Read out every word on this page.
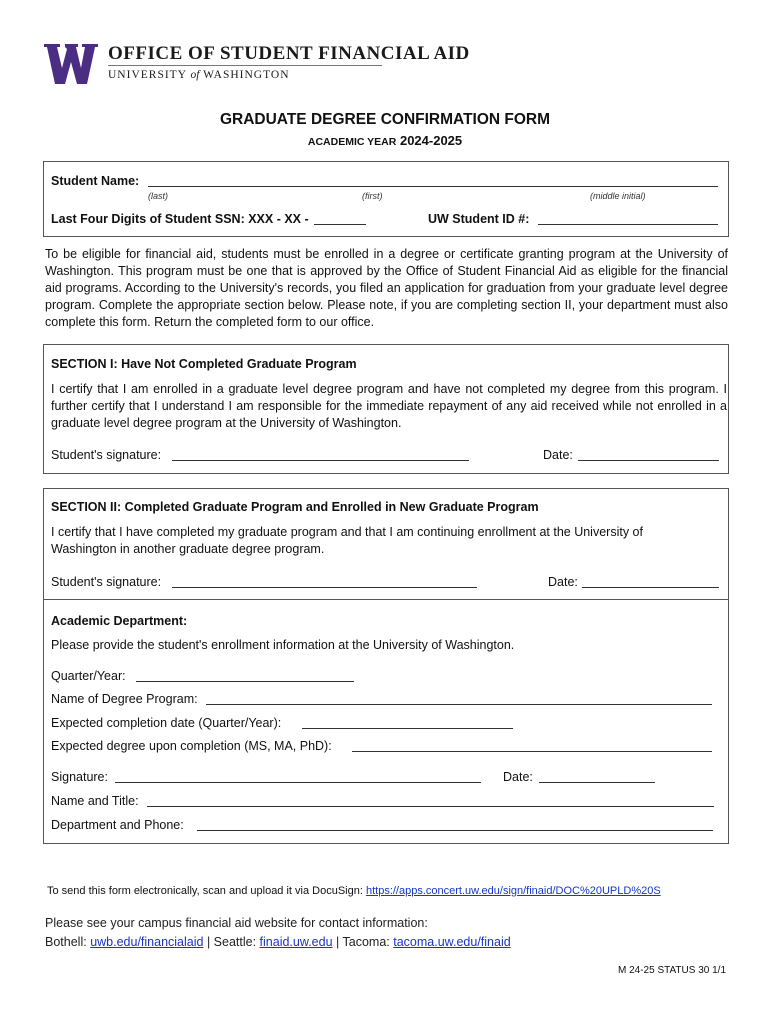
OFFICE OF STUDENT FINANCIAL AID
UNIVERSITY of WASHINGTON
GRADUATE DEGREE CONFIRMATION FORM
ACADEMIC YEAR 2024-2025
Student Name:
(last)	(first)	(middle initial)
Last Four Digits of Student SSN: XXX - XX -	UW Student ID #:
To be eligible for financial aid, students must be enrolled in a degree or certificate granting program at the University of Washington. This program must be one that is approved by the Office of Student Financial Aid as eligible for the financial aid programs. According to the University's records, you filed an application for graduation from your graduate level degree program. Complete the appropriate section below. Please note, if you are completing section II, your department must also complete this form. Return the completed form to our office.
SECTION I: Have Not Completed Graduate Program
I certify that I am enrolled in a graduate level degree program and have not completed my degree from this program. I further certify that I understand I am responsible for the immediate repayment of any aid received while not enrolled in a graduate level degree program at the University of Washington.
Student's signature:	Date:
SECTION II: Completed Graduate Program and Enrolled in New Graduate Program
I certify that I have completed my graduate program and that I am continuing enrollment at the University of Washington in another graduate degree program.
Student's signature:	Date:
Academic Department:
Please provide the student's enrollment information at the University of Washington.
Quarter/Year:
Name of Degree Program:
Expected completion date (Quarter/Year):
Expected degree upon completion (MS, MA, PhD):
Signature:	Date:
Name and Title:
Department and Phone:
To send this form electronically, scan and upload it via DocuSign: https://apps.concert.uw.edu/sign/finaid/DOC%20UPLD%20S
Please see your campus financial aid website for contact information:
Bothell: uwb.edu/financialaid | Seattle: finaid.uw.edu | Tacoma: tacoma.uw.edu/finaid
M 24-25 STATUS 30 1/1
